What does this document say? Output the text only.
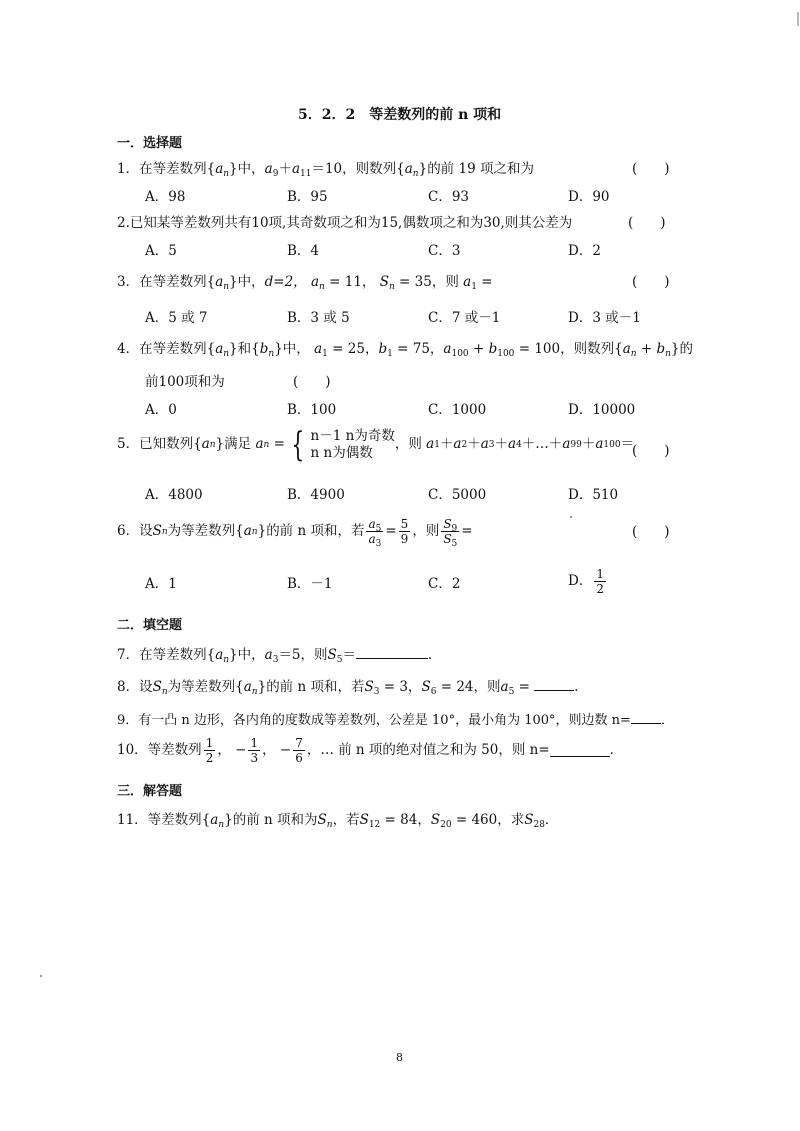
5．2．2　等差数列的前 n 项和
一．选择题
1．在等差数列$\{a_n\}$中，$a_9+a_{11}=10$，则数列$\{a_n\}$的前 19 项之和为	(　　)
A．98	B．95	C．93	D．90
2.已知某等差数列共有10项,其奇数项之和为15,偶数项之和为30,则其公差为	(　　)
A．5	B．4	C．3	D．2
3．在等差数列$\{a_n\}$中，d=2， $a_n = 11$， $S_n = 35$，则 $a_1$ =	(　　)
A．5 或 7	B．3 或 5	C．7 或－1	D．3 或－1
4．在等差数列$\{a_n\}$和$\{b_n\}$中， $a_1 = 25$，$b_1 = 75$，$a_{100} + b_{100} = 100$，则数列$\{a_n + b_n\}$的
前100项和为	(　　)
A．0	B．100	C．1000	D．10000
5． 已知数列 { a n } 满足
a n = { n－1 n为奇数
n n为偶数
，则
a 1 ＋ a 2 ＋ a 3 ＋ a 4 ＋…＋ a 99 ＋ a 100 ＝
(　　)
A．4800	B．4900	C．5000	D．510
6． 设 S n 为等差数列 { a n } 的前 n 项和，若 $\frac{a_5}{a_3} = \frac{5}{9}$ ，则 $\frac{S_9}{S_5}$ =	(　　)
A．1	B．－1	C．2	D． $\frac{1}{2}$
二．填空题
7．在等差数列$\{a_n\}$中，$a_3=5$，则$S_5=$	．
8．设$S_n$为等差数列$\{a_n\}$的前 n 项和，若$S_3 = 3$，$S_6 = 24$，则$a_5$ =	．
9．有一凸 n 边形，各内角的度数成等差数列，公差是 10°，最小角为 100°，则边数 n= ．
10．等差数列 $\frac{1}{2}$ ， − $\frac{1}{3}$ ， − $\frac{7}{6}$ ，… 前 n 项的绝对值之和为 50，则 n=	．
三．解答题
11．等差数列$\{a_n\}$的前 n 项和为$S_n$，若$S_{12} = 84$，$S_{20} = 460$，求$S_{28}$．
8
